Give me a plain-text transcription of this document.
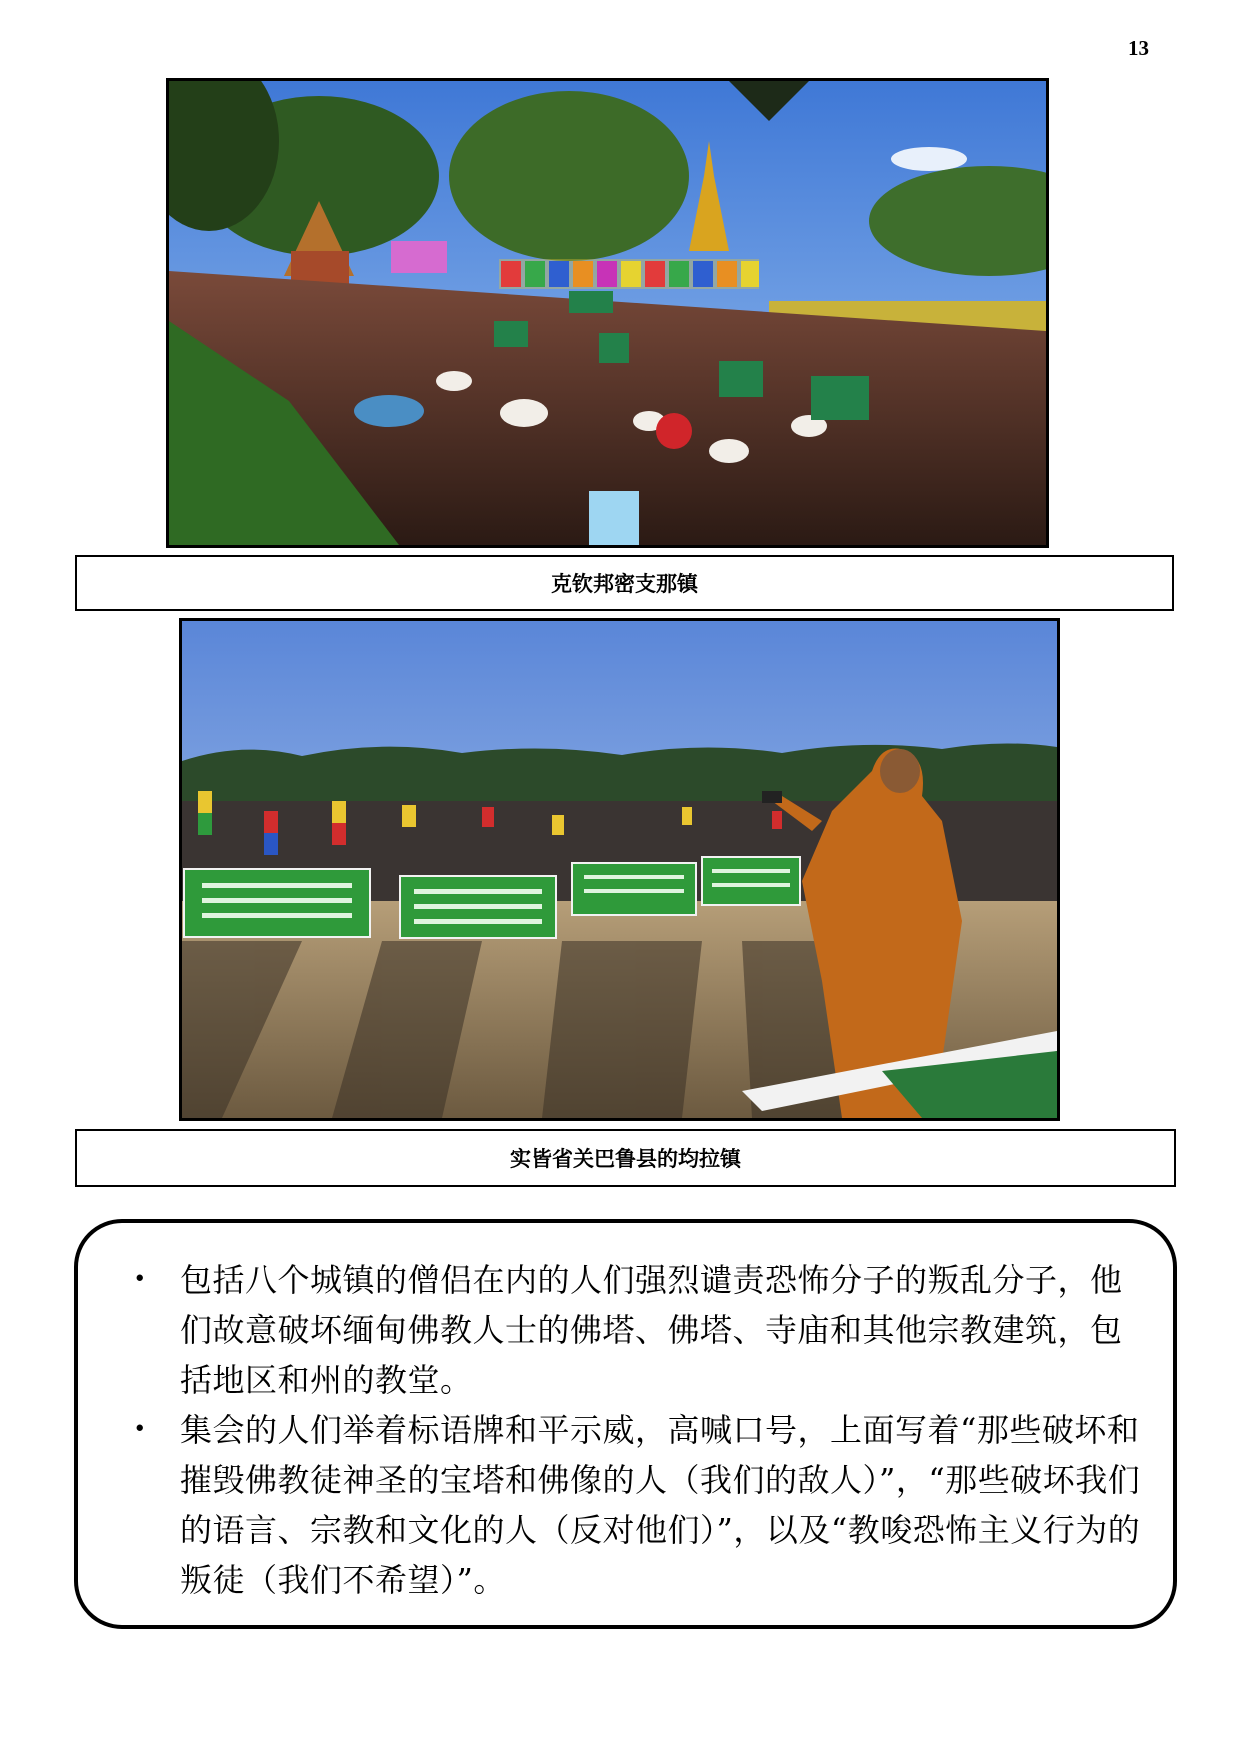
13
克钦邦密支那镇
实皆省关巴鲁县的均拉镇
• 包括八个城镇的僧侣在内的人们强烈谴责恐怖分子的叛乱分子，他们故意破坏缅甸佛教人士的佛塔、佛塔、寺庙和其他宗教建筑，包括地区和州的教堂。
• 集会的人们举着标语牌和平示威，高喊口号，上面写着“那些破坏和摧毁佛教徒神圣的宝塔和佛像的人（我们的敌人）”，“那些破坏我们的语言、宗教和文化的人（反对他们）”，以及“教唆恐怖主义行为的叛徒（我们不希望）”。
